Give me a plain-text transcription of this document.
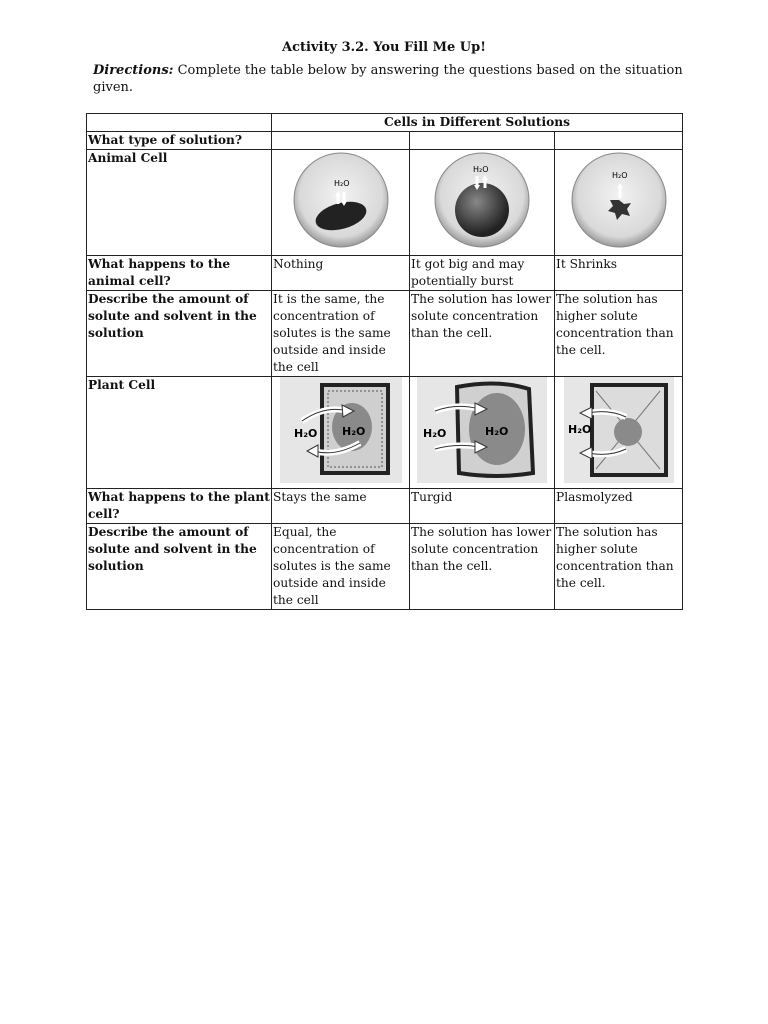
Activity 3.2. You Fill Me Up!
Directions: Complete the table below by answering the questions based on the situation given.
	Cells in Different Solutions		
What type of solution?			
Animal Cell	H₂O	H₂O	H₂O

What happens to the animal cell?	Nothing	It got big and may potentially burst	It Shrinks
Describe the amount of solute and solvent in the solution	It is the same, the concentration of solutes is the same outside and inside the cell	The solution has lower solute concentration than the cell.	The solution has higher solute concentration than the cell.
Plant Cell	H₂O H₂O	H₂O H₂O	H₂O

What happens to the plant cell?	Stays the same	Turgid	Plasmolyzed
Describe the amount of solute and solvent in the solution	Equal, the concentration of solutes is the same outside and inside the cell	The solution has lower solute concentration than the cell.	The solution has higher solute concentration than the cell.
